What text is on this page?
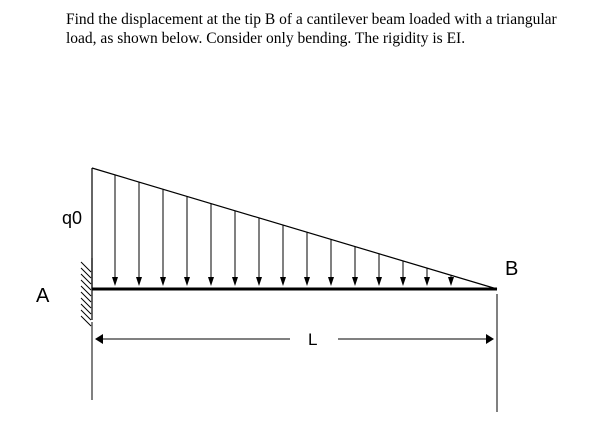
Find the displacement at the tip B of a cantilever beam loaded with a triangular
load, as shown below. Consider only bending. The rigidity is EI.

q0
A
B
L
